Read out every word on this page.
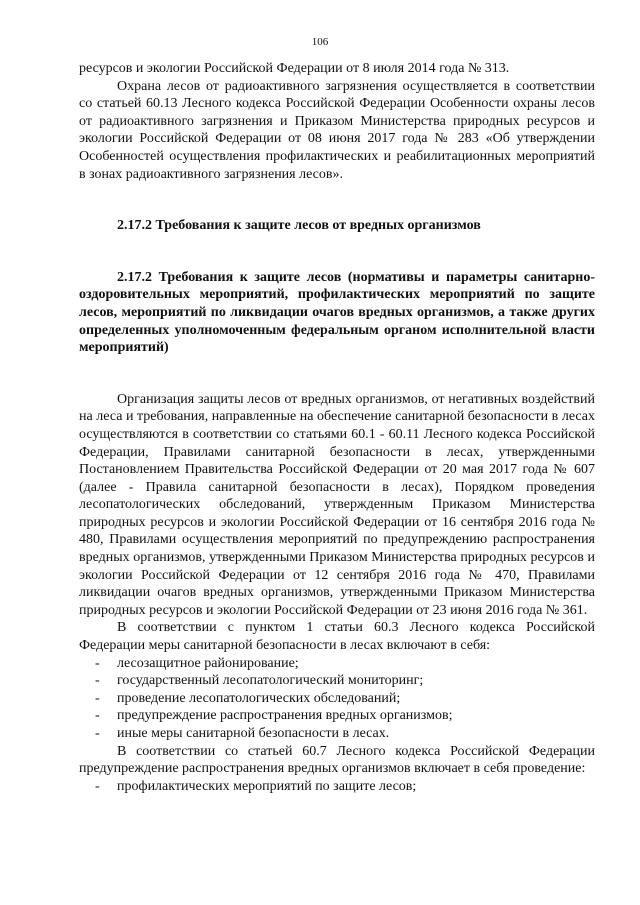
106

ресурсов и экологии Российской Федерации от 8 июля 2014 года № 313.

Охрана лесов от радиоактивного загрязнения осуществляется в соответствии со статьей 60.13 Лесного кодекса Российской Федерации Особенности охраны лесов от радиоактивного загрязнения и Приказом Министерства природных ресурсов и экологии Российской Федерации от 08 июня 2017 года № 283 «Об утверждении Особенностей осуществления профилактических и реабилитационных мероприятий в зонах радиоактивного загрязнения лесов».

2.17.2 Требования к защите лесов от вредных организмов

2.17.2 Требования к защите лесов (нормативы и параметры санитарно-оздоровительных мероприятий, профилактических мероприятий по защите лесов, мероприятий по ликвидации очагов вредных организмов, а также других определенных уполномоченным федеральным органом исполнительной власти мероприятий)

Организация защиты лесов от вредных организмов, от негативных воздействий на леса и требования, направленные на обеспечение санитарной безопасности в лесах осуществляются в соответствии со статьями 60.1 - 60.11 Лесного кодекса Российской Федерации, Правилами санитарной безопасности в лесах, утвержденными Постановлением Правительства Российской Федерации от 20 мая 2017 года № 607 (далее - Правила санитарной безопасности в лесах), Порядком проведения лесопатологических обследований, утвержденным Приказом Министерства природных ресурсов и экологии Российской Федерации от 16 сентября 2016 года № 480, Правилами осуществления мероприятий по предупреждению распространения вредных организмов, утвержденными Приказом Министерства природных ресурсов и экологии Российской Федерации от 12 сентября 2016 года № 470, Правилами ликвидации очагов вредных организмов, утвержденными Приказом Министерства природных ресурсов и экологии Российской Федерации от 23 июня 2016 года № 361.

В соответствии с пунктом 1 статьи 60.3 Лесного кодекса Российской Федерации меры санитарной безопасности в лесах включают в себя:

- лесозащитное районирование;
- государственный лесопатологический мониторинг;
- проведение лесопатологических обследований;
- предупреждение распространения вредных организмов;
- иные меры санитарной безопасности в лесах.

В соответствии со статьей 60.7 Лесного кодекса Российской Федерации предупреждение распространения вредных организмов включает в себя проведение:

- профилактических мероприятий по защите лесов;
